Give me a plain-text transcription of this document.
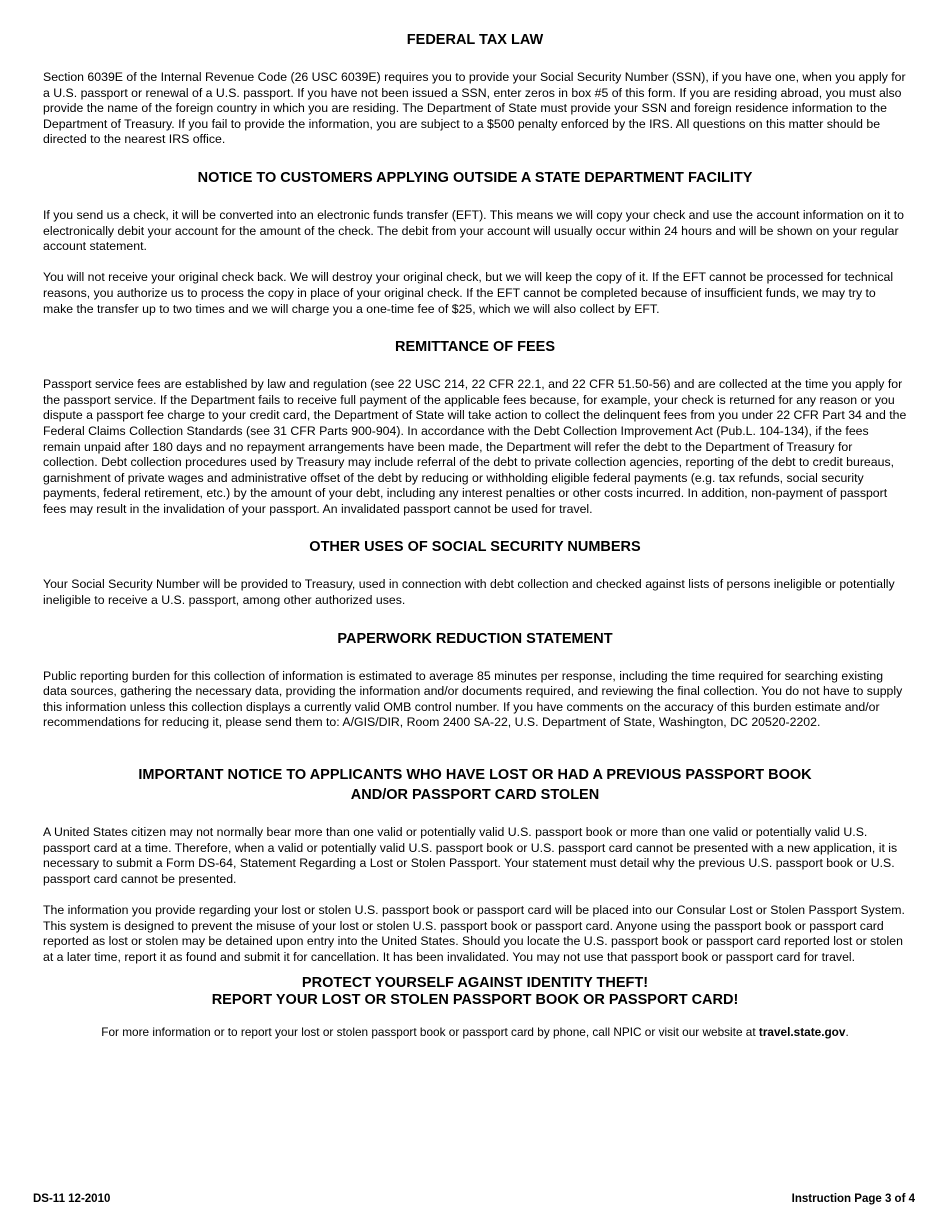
FEDERAL TAX LAW

Section 6039E of the Internal Revenue Code (26 USC 6039E) requires you to provide your Social Security Number (SSN), if you have one, when you apply for a U.S. passport or renewal of a U.S. passport. If you have not been issued a SSN, enter zeros in box #5 of this form. If you are residing abroad, you must also provide the name of the foreign country in which you are residing. The Department of State must provide your SSN and foreign residence information to the Department of Treasury. If you fail to provide the information, you are subject to a $500 penalty enforced by the IRS. All questions on this matter should be directed to the nearest IRS office.

NOTICE TO CUSTOMERS APPLYING OUTSIDE A STATE DEPARTMENT FACILITY

If you send us a check, it will be converted into an electronic funds transfer (EFT). This means we will copy your check and use the account information on it to electronically debit your account for the amount of the check. The debit from your account will usually occur within 24 hours and will be shown on your regular account statement.

You will not receive your original check back. We will destroy your original check, but we will keep the copy of it. If the EFT cannot be processed for technical reasons, you authorize us to process the copy in place of your original check. If the EFT cannot be completed because of insufficient funds, we may try to make the transfer up to two times and we will charge you a one-time fee of $25, which we will also collect by EFT.

REMITTANCE OF FEES

Passport service fees are established by law and regulation (see 22 USC 214, 22 CFR 22.1, and 22 CFR 51.50-56) and are collected at the time you apply for the passport service. If the Department fails to receive full payment of the applicable fees because, for example, your check is returned for any reason or you dispute a passport fee charge to your credit card, the Department of State will take action to collect the delinquent fees from you under 22 CFR Part 34 and the Federal Claims Collection Standards (see 31 CFR Parts 900-904). In accordance with the Debt Collection Improvement Act (Pub.L. 104-134), if the fees remain unpaid after 180 days and no repayment arrangements have been made, the Department will refer the debt to the Department of Treasury for collection. Debt collection procedures used by Treasury may include referral of the debt to private collection agencies, reporting of the debt to credit bureaus, garnishment of private wages and administrative offset of the debt by reducing or withholding eligible federal payments (e.g. tax refunds, social security payments, federal retirement, etc.) by the amount of your debt, including any interest penalties or other costs incurred. In addition, non-payment of passport fees may result in the invalidation of your passport. An invalidated passport cannot be used for travel.

OTHER USES OF SOCIAL SECURITY NUMBERS

Your Social Security Number will be provided to Treasury, used in connection with debt collection and checked against lists of persons ineligible or potentially ineligible to receive a U.S. passport, among other authorized uses.

PAPERWORK REDUCTION STATEMENT

Public reporting burden for this collection of information is estimated to average 85 minutes per response, including the time required for searching existing data sources, gathering the necessary data, providing the information and/or documents required, and reviewing the final collection. You do not have to supply this information unless this collection displays a currently valid OMB control number. If you have comments on the accuracy of this burden estimate and/or recommendations for reducing it, please send them to: A/GIS/DIR, Room 2400 SA-22, U.S. Department of State, Washington, DC 20520-2202.

IMPORTANT NOTICE TO APPLICANTS WHO HAVE LOST OR HAD A PREVIOUS PASSPORT BOOK
AND/OR PASSPORT CARD STOLEN

A United States citizen may not normally bear more than one valid or potentially valid U.S. passport book or more than one valid or potentially valid U.S. passport card at a time. Therefore, when a valid or potentially valid U.S. passport book or U.S. passport card cannot be presented with a new application, it is necessary to submit a Form DS-64, Statement Regarding a Lost or Stolen Passport. Your statement must detail why the previous U.S. passport book or U.S. passport card cannot be presented.

The information you provide regarding your lost or stolen U.S. passport book or passport card will be placed into our Consular Lost or Stolen Passport System. This system is designed to prevent the misuse of your lost or stolen U.S. passport book or passport card. Anyone using the passport book or passport card reported as lost or stolen may be detained upon entry into the United States. Should you locate the U.S. passport book or passport card reported lost or stolen at a later time, report it as found and submit it for cancellation. It has been invalidated. You may not use that passport book or passport card for travel.

PROTECT YOURSELF AGAINST IDENTITY THEFT!
REPORT YOUR LOST OR STOLEN PASSPORT BOOK OR PASSPORT CARD!
For more information or to report your lost or stolen passport book or passport card by phone, call NPIC or visit our website at travel.state.gov.
DS-11 12-2010	Instruction Page 3 of 4
